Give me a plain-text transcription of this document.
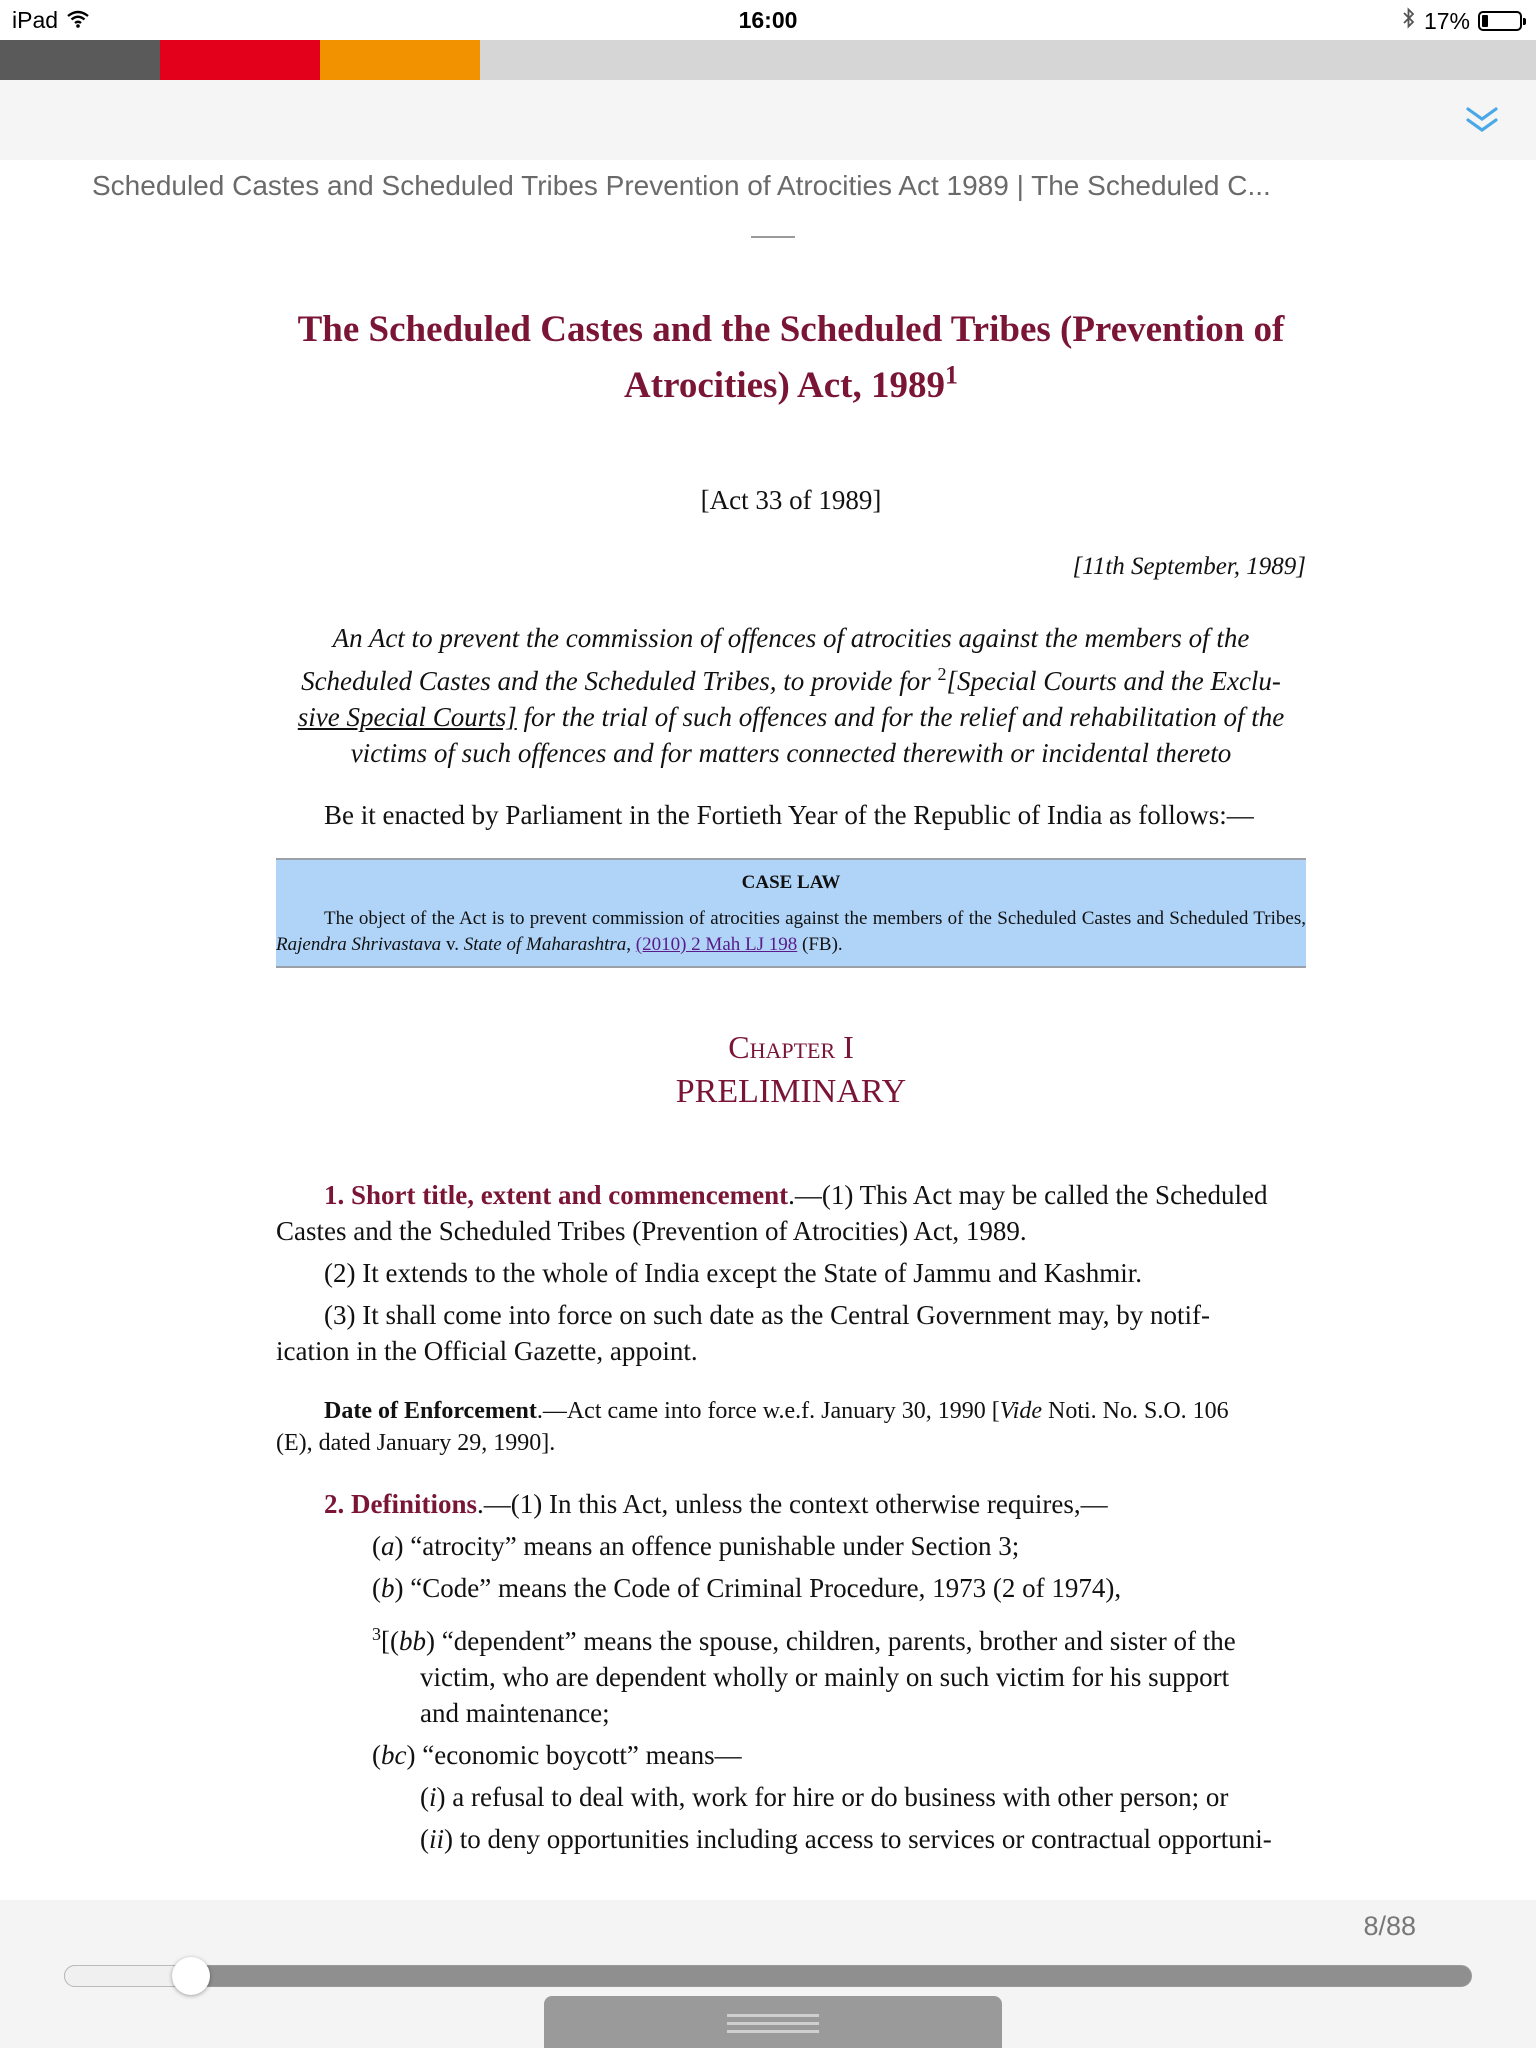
iPad	16:00	17%
Scheduled Castes and Scheduled Tribes Prevention of Atrocities Act 1989 | The Scheduled C...
The Scheduled Castes and the Scheduled Tribes (Prevention of
Atrocities) Act, 1989$^1$
[Act 33 of 1989]
[11th September, 1989]
An Act to prevent the commission of offences of atrocities against the members of the
Scheduled Castes and the Scheduled Tribes, to provide for $^2$[Special Courts and the Exclu-
sive Special Courts] for the trial of such offences and for the relief and rehabilitation of the
victims of such offences and for matters connected therewith or incidental thereto
Be it enacted by Parliament in the Fortieth Year of the Republic of India as follows:—
CASE LAW
The object of the Act is to prevent commission of atrocities against the members of the Scheduled Castes and Scheduled Tribes, Rajendra Shrivastava v. State of Maharashtra, (2010) 2 Mah LJ 198 (FB).
Chapter I
PRELIMINARY
1. Short title, extent and commencement.—(1) This Act may be called the Scheduled
Castes and the Scheduled Tribes (Prevention of Atrocities) Act, 1989.
(2) It extends to the whole of India except the State of Jammu and Kashmir.
(3) It shall come into force on such date as the Central Government may, by notif-
ication in the Official Gazette, appoint.
Date of Enforcement.—Act came into force w.e.f. January 30, 1990 [Vide Noti. No. S.O. 106
(E), dated January 29, 1990].
2. Definitions.—(1) In this Act, unless the context otherwise requires,—
(a) “atrocity” means an offence punishable under Section 3;
(b) “Code” means the Code of Criminal Procedure, 1973 (2 of 1974),
$^3$[(bb) “dependent” means the spouse, children, parents, brother and sister of the
victim, who are dependent wholly or mainly on such victim for his support
and maintenance;
(bc) “economic boycott” means—
(i) a refusal to deal with, work for hire or do business with other person; or
(ii) to deny opportunities including access to services or contractual opportuni-
8/88
